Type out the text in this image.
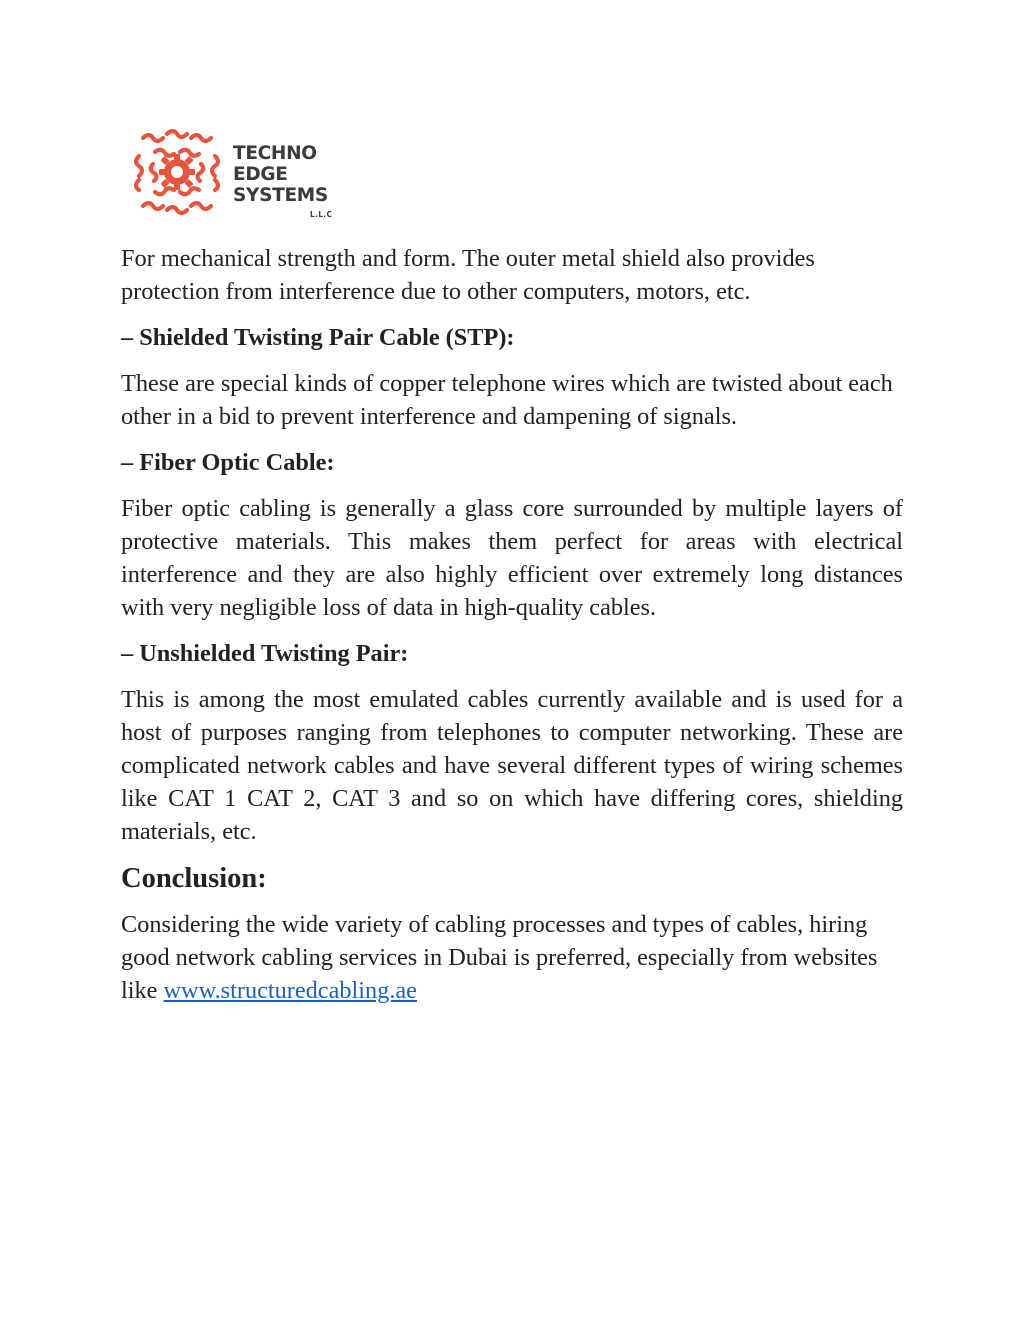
TECHNO
EDGE
SYSTEMS
L.L.C

For mechanical strength and form. The outer metal shield also provides protection from interference due to other computers, motors, etc.

– Shielded Twisting Pair Cable (STP):

These are special kinds of copper telephone wires which are twisted about each other in a bid to prevent interference and dampening of signals.

– Fiber Optic Cable:

Fiber optic cabling is generally a glass core surrounded by multiple layers of protective materials. This makes them perfect for areas with electrical interference and they are also highly efficient over extremely long distances with very negligible loss of data in high-quality cables.

– Unshielded Twisting Pair:

This is among the most emulated cables currently available and is used for a host of purposes ranging from telephones to computer networking. These are complicated network cables and have several different types of wiring schemes like CAT 1 CAT 2, CAT 3 and so on which have differing cores, shielding materials, etc.

Conclusion:

Considering the wide variety of cabling processes and types of cables, hiring good network cabling services in Dubai is preferred, especially from websites like www.structuredcabling.ae
